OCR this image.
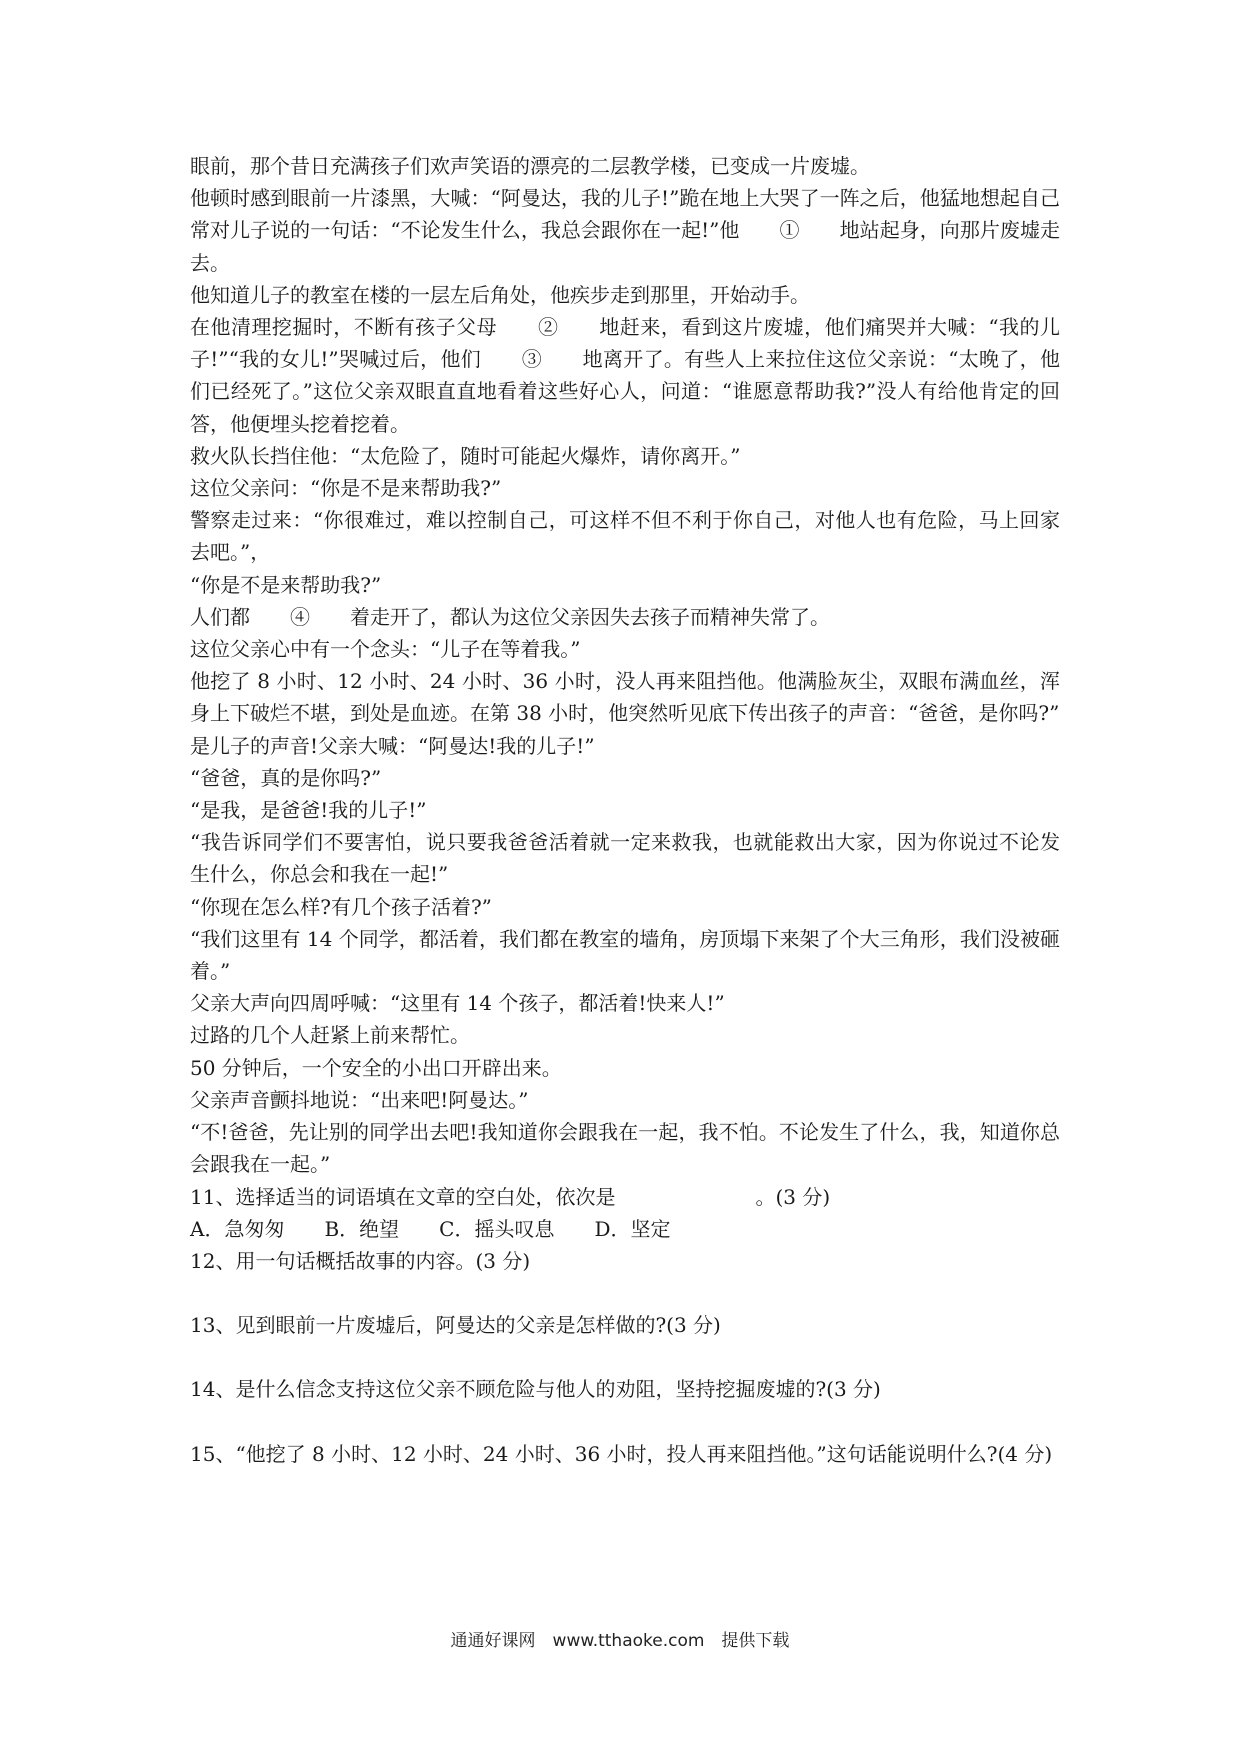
眼前，那个昔日充满孩子们欢声笑语的漂亮的二层教学楼，已变成一片废墟。

他顿时感到眼前一片漆黑，大喊：“阿曼达，我的儿子!”跪在地上大哭了一阵之后，他猛地想起自己常对儿子说的一句话：“不论发生什么，我总会跟你在一起!”他　　①　　地站起身，向那片废墟走去。

他知道儿子的教室在楼的一层左后角处，他疾步走到那里，开始动手。

在他清理挖掘时，不断有孩子父母　　②　　地赶来，看到这片废墟，他们痛哭并大喊：“我的儿子!”“我的女儿!”哭喊过后，他们　　③　　地离开了。有些人上来拉住这位父亲说：“太晚了，他们已经死了。”这位父亲双眼直直地看着这些好心人，问道：“谁愿意帮助我?”没人有给他肯定的回答，他便埋头挖着挖着。

救火队长挡住他：“太危险了，随时可能起火爆炸，请你离开。”

这位父亲问：“你是不是来帮助我?”

警察走过来：“你很难过，难以控制自己，可这样不但不利于你自己，对他人也有危险，马上回家去吧。”，

“你是不是来帮助我?”

人们都　　④　　着走开了，都认为这位父亲因失去孩子而精神失常了。

这位父亲心中有一个念头：“儿子在等着我。”

他挖了 8 小时、12 小时、24 小时、36 小时，没人再来阻挡他。他满脸灰尘，双眼布满血丝，浑身上下破烂不堪，到处是血迹。在第 38 小时，他突然听见底下传出孩子的声音：“爸爸，是你吗?”

是儿子的声音!父亲大喊：“阿曼达!我的儿子!”

“爸爸，真的是你吗?”

“是我，是爸爸!我的儿子!”

“我告诉同学们不要害怕，说只要我爸爸活着就一定来救我，也就能救出大家，因为你说过不论发生什么，你总会和我在一起!”

“你现在怎么样?有几个孩子活着?”

“我们这里有 14 个同学，都活着，我们都在教室的墙角，房顶塌下来架了个大三角形，我们没被砸着。”

父亲大声向四周呼喊：“这里有 14 个孩子，都活着!快来人!”

过路的几个人赶紧上前来帮忙。

50 分钟后，一个安全的小出口开辟出来。

父亲声音颤抖地说：“出来吧!阿曼达。”

“不!爸爸，先让别的同学出去吧!我知道你会跟我在一起，我不怕。不论发生了什么，我，知道你总会跟我在一起。”

11、选择适当的词语填在文章的空白处，依次是　　　　　　　。(3 分)

A．急匆匆 B．绝望 C．摇头叹息 D．坚定

12、用一句话概括故事的内容。(3 分)

13、见到眼前一片废墟后，阿曼达的父亲是怎样做的?(3 分)

14、是什么信念支持这位父亲不顾危险与他人的劝阻，坚持挖掘废墟的?(3 分)

15、“他挖了 8 小时、12 小时、24 小时、36 小时，投人再来阻挡他。”这句话能说明什么?(4 分)

通通好课网　www.tthaoke.com　提供下载
